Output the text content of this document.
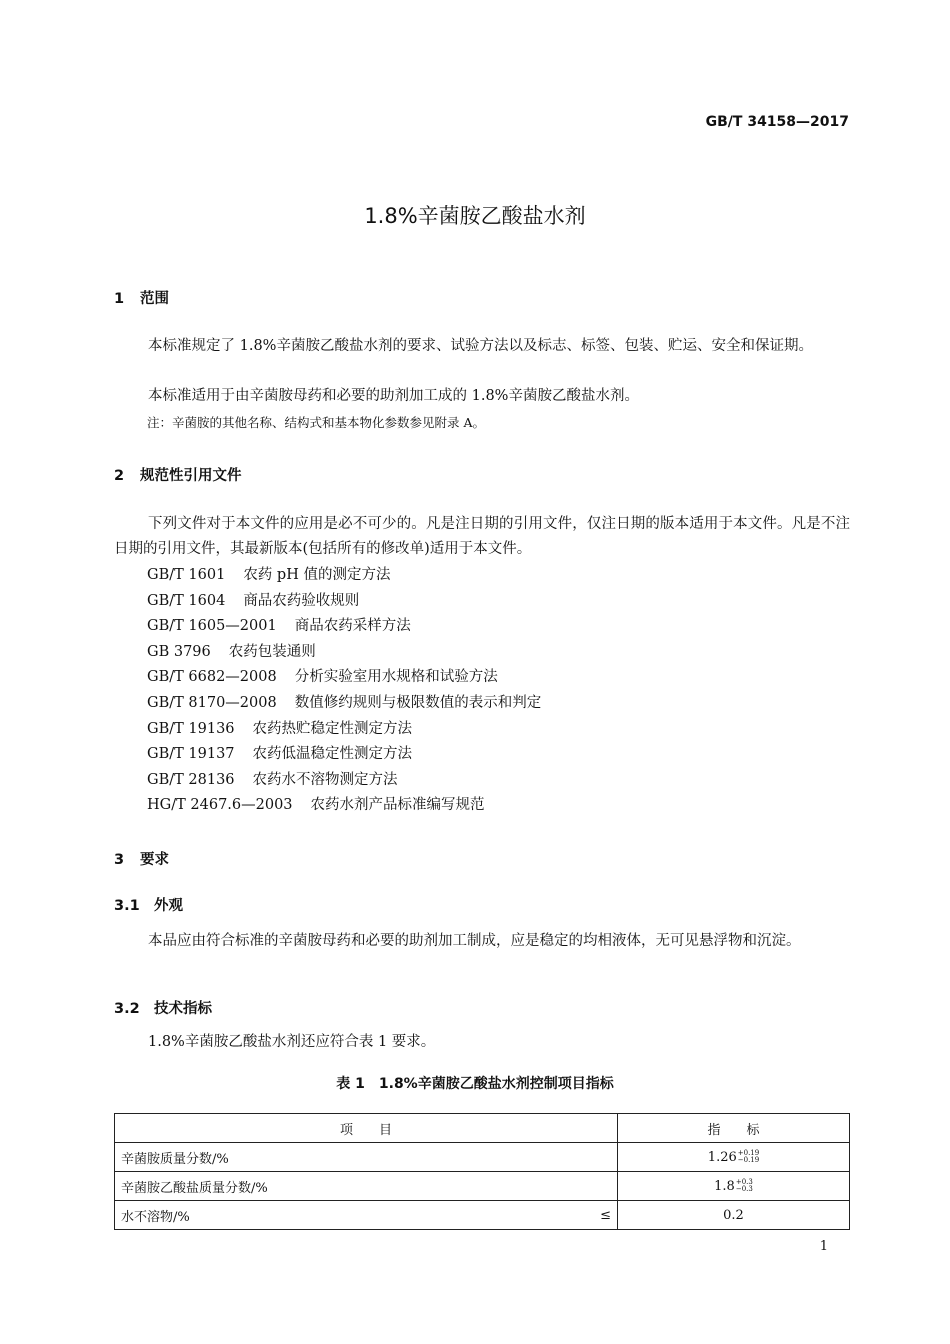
GB/T 34158—2017
1.8%辛菌胺乙酸盐水剂
1 范围
本标准规定了 1.8%辛菌胺乙酸盐水剂的要求、试验方法以及标志、标签、包装、贮运、安全和保证期。
本标准适用于由辛菌胺母药和必要的助剂加工成的 1.8%辛菌胺乙酸盐水剂。
注：辛菌胺的其他名称、结构式和基本物化参数参见附录 A。
2 规范性引用文件
下列文件对于本文件的应用是必不可少的。凡是注日期的引用文件，仅注日期的版本适用于本文件。凡是不注日期的引用文件，其最新版本(包括所有的修改单)适用于本文件。
GB/T 1601 农药 pH 值的测定方法
GB/T 1604 商品农药验收规则
GB/T 1605—2001 商品农药采样方法
GB 3796 农药包装通则
GB/T 6682—2008 分析实验室用水规格和试验方法
GB/T 8170—2008 数值修约规则与极限数值的表示和判定
GB/T 19136 农药热贮稳定性测定方法
GB/T 19137 农药低温稳定性测定方法
GB/T 28136 农药水不溶物测定方法
HG/T 2467.6—2003 农药水剂产品标准编写规范
3 要求
3.1 外观
本品应由符合标准的辛菌胺母药和必要的助剂加工制成，应是稳定的均相液体，无可见悬浮物和沉淀。
3.2 技术指标
1.8%辛菌胺乙酸盐水剂还应符合表 1 要求。
表 1　1.8%辛菌胺乙酸盐水剂控制项目指标
项　　目	指　　标

辛菌胺质量分数/%	1.26 +0.19
−0.19

辛菌胺乙酸盐质量分数/%	1.8 +0.3
−0.3

水不溶物/% ≤	0.2
1
